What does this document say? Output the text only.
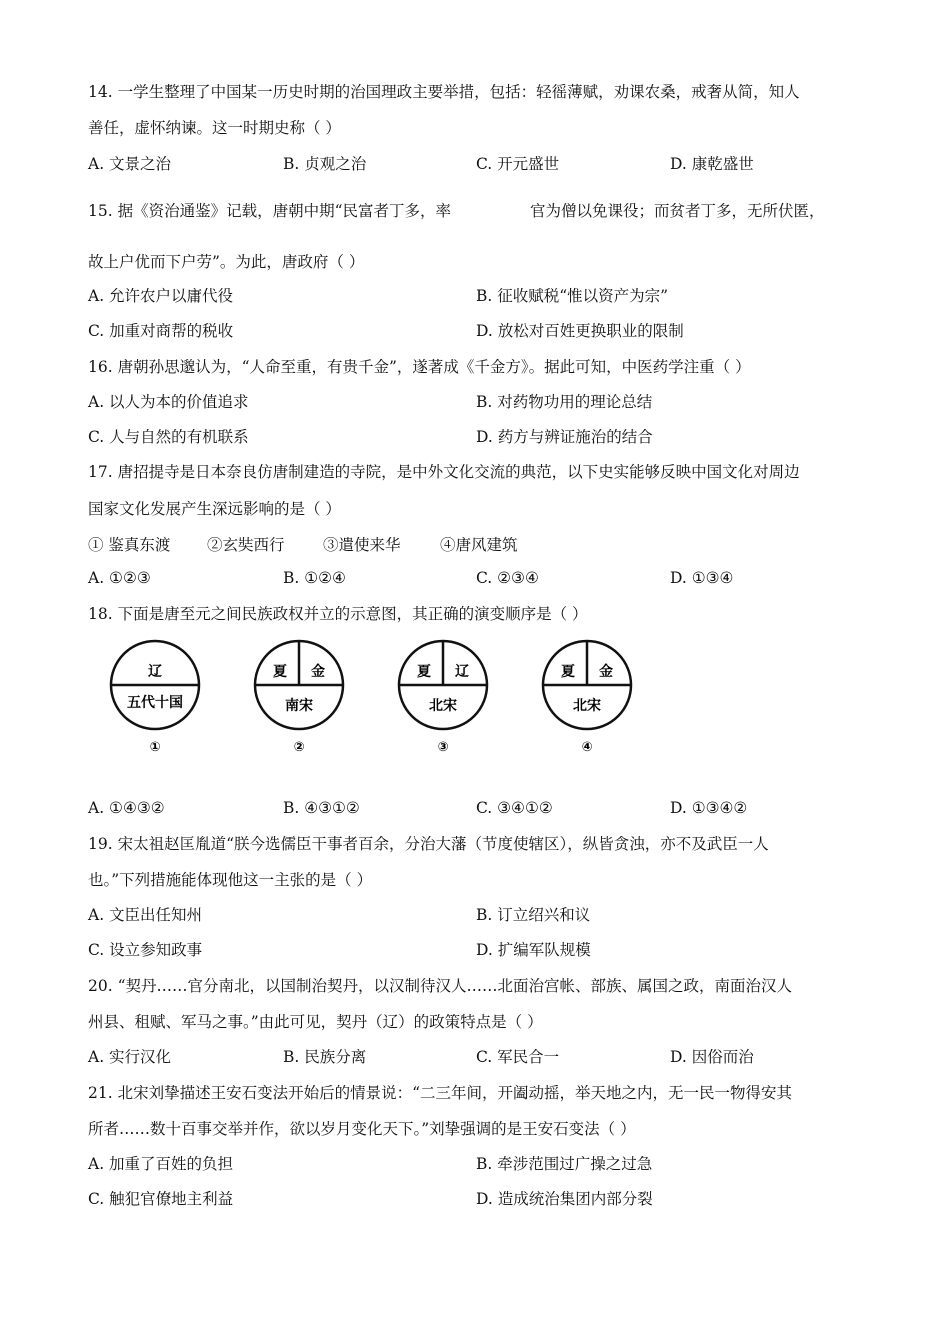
14. 一学生整理了中国某一历史时期的治国理政主要举措，包括：轻徭薄赋，劝课农桑，戒奢从简，知人
善任，虚怀纳谏。这一时期史称（ ）
A. 文景之治	B. 贞观之治	C. 开元盛世	D. 康乾盛世
15. 据《资治通鉴》记载，唐朝中期“民富者丁多，率	官为僧以免课役；而贫者丁多，无所伏匿，
故上户优而下户劳”。为此，唐政府（ ）
A. 允许农户以庸代役	B. 征收赋税“惟以资产为宗”
C. 加重对商帮的税收	D. 放松对百姓更换职业的限制
16. 唐朝孙思邈认为，“人命至重，有贵千金”，遂著成《千金方》。据此可知，中医药学注重（ ）
A. 以人为本的价值追求	B. 对药物功用的理论总结
C. 人与自然的有机联系	D. 药方与辨证施治的结合
17. 唐招提寺是日本奈良仿唐制建造的寺院，是中外文化交流的典范，以下史实能够反映中国文化对周边
国家文化发展产生深远影响的是（ ）
① 鉴真东渡 ②玄奘西行 ③遣使来华	④唐风建筑
A. ①②③	B. ①②④	C. ②③④	D. ①③④
18. 下面是唐至元之间民族政权并立的示意图，其正确的演变顺序是（ ）
辽
五代十国
①
夏 金
南宋
②
夏 辽
北宋
③
夏 金
北宋
④
A. ①④③②	B. ④③①②	C. ③④①②	D. ①③④②
19. 宋太祖赵匡胤道“朕今选儒臣干事者百余，分治大藩（节度使辖区），纵皆贪浊，亦不及武臣一人
也。”下列措施能体现他这一主张的是（ ）
A. 文臣出任知州	B. 订立绍兴和议
C. 设立参知政事	D. 扩编军队规模
20. “契丹……官分南北，以国制治契丹，以汉制待汉人……北面治宫帐、部族、属国之政，南面治汉人
州县、租赋、军马之事。”由此可见，契丹（辽）的政策特点是（ ）
A. 实行汉化	B. 民族分离	C. 军民合一	D. 因俗而治
21. 北宋刘挚描述王安石变法开始后的情景说：“二三年间，开阖动摇，举天地之内，无一民一物得安其
所者……数十百事交举并作，欲以岁月变化天下。”刘挚强调的是王安石变法（ ）
A. 加重了百姓的负担	B. 牵涉范围过广操之过急
C. 触犯官僚地主利益	D. 造成统治集团内部分裂
